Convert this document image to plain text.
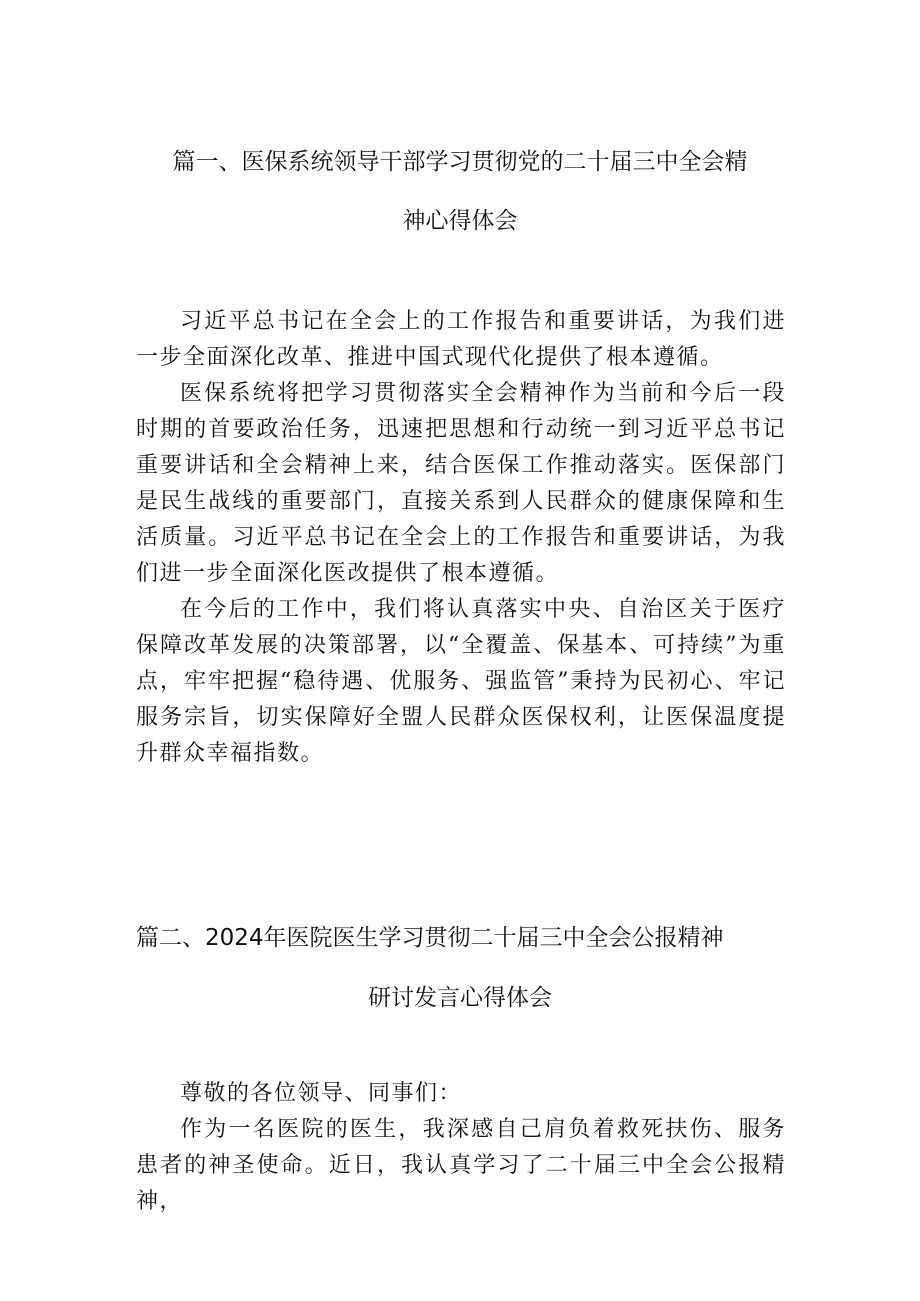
篇一、医保系统领导干部学习贯彻党的二十届三中全会精
神心得体会

习近平总书记在全会上的工作报告和重要讲话，为我们进一步全面深化改革、推进中国式现代化提供了根本遵循。

医保系统将把学习贯彻落实全会精神作为当前和今后一段时期的首要政治任务，迅速把思想和行动统一到习近平总书记重要讲话和全会精神上来，结合医保工作推动落实。医保部门是民生战线的重要部门，直接关系到人民群众的健康保障和生活质量。习近平总书记在全会上的工作报告和重要讲话，为我们进一步全面深化医改提供了根本遵循。

在今后的工作中，我们将认真落实中央、自治区关于医疗保障改革发展的决策部署，以“全覆盖、保基本、可持续”为重点，牢牢把握“稳待遇、优服务、强监管”秉持为民初心、牢记服务宗旨，切实保障好全盟人民群众医保权利，让医保温度提升群众幸福指数。

篇二、2024年医院医生学习贯彻二十届三中全会公报精神
研讨发言心得体会

尊敬的各位领导、同事们：

作为一名医院的医生，我深感自己肩负着救死扶伤、服务患者的神圣使命。近日，我认真学习了二十届三中全会公报精神，
